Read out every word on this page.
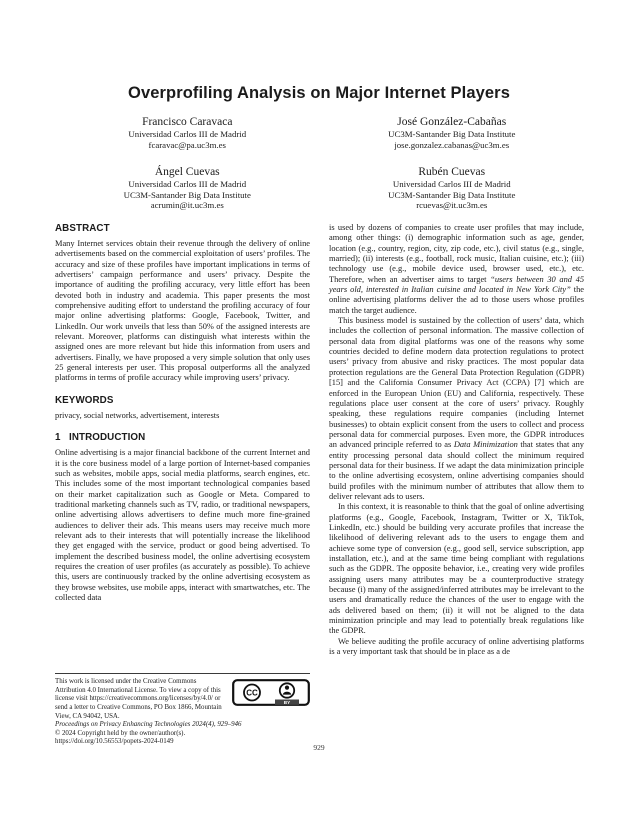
Overprofiling Analysis on Major Internet Players
Francisco Caravaca
Universidad Carlos III de Madrid
fcaravac@pa.uc3m.es
José González-Cabañas
UC3M-Santander Big Data Institute
jose.gonzalez.cabanas@uc3m.es
Ángel Cuevas
Universidad Carlos III de Madrid
UC3M-Santander Big Data Institute
acrumin@it.uc3m.es
Rubén Cuevas
Universidad Carlos III de Madrid
UC3M-Santander Big Data Institute
rcuevas@it.uc3m.es
ABSTRACT

Many Internet services obtain their revenue through the delivery of online advertisements based on the commercial exploitation of users’ profiles. The accuracy and size of these profiles have important implications in terms of advertisers’ campaign performance and users’ privacy. Despite the importance of auditing the profiling accuracy, very little effort has been devoted both in industry and academia. This paper presents the most comprehensive auditing effort to understand the profiling accuracy of four major online advertising platforms: Google, Facebook, Twitter, and LinkedIn. Our work unveils that less than 50% of the assigned interests are relevant. Moreover, platforms can distinguish what interests within the assigned ones are more relevant but hide this information from users and advertisers. Finally, we have proposed a very simple solution that only uses 25 general interests per user. This proposal outperforms all the analyzed platforms in terms of profile accuracy while improving users’ privacy.

KEYWORDS

privacy, social networks, advertisement, interests

1 INTRODUCTION

Online advertising is a major financial backbone of the current Internet and it is the core business model of a large portion of Internet-based companies such as websites, mobile apps, social media platforms, search engines, etc. This includes some of the most important technological companies based on their market capitalization such as Google or Meta. Compared to traditional marketing channels such as TV, radio, or traditional newspapers, online advertising allows advertisers to define much more fine-grained audiences to deliver their ads. This means users may receive much more relevant ads to their interests that will potentially increase the likelihood they get engaged with the service, product or good being advertised. To implement the described business model, the online advertising ecosystem requires the creation of user profiles (as accurately as possible). To achieve this, users are continuously tracked by the online advertising ecosystem as they browse websites, use mobile apps, interact with smartwatches, etc. The collected data

CC
BY
This work is licensed under the Creative Commons Attribution 4.0 International License. To view a copy of this license visit https://creativecommons.org/licenses/by/4.0/ or send a letter to Creative Commons, PO Box 1866, Mountain View, CA 94042, USA.
Proceedings on Privacy Enhancing Technologies 2024(4), 929–946
© 2024 Copyright held by the owner/author(s).
https://doi.org/10.56553/popets-2024-0149

is used by dozens of companies to create user profiles that may include, among other things: (i) demographic information such as age, gender, location (e.g., country, region, city, zip code, etc.), civil status (e.g., single, married); (ii) interests (e.g., football, rock music, Italian cuisine, etc.); (iii) technology use (e.g., mobile device used, browser used, etc.), etc. Therefore, when an advertiser aims to target “users between 30 and 45 years old, interested in Italian cuisine and located in New York City” the online advertising platforms deliver the ad to those users whose profiles match the target audience.

This business model is sustained by the collection of users’ data, which includes the collection of personal information. The massive collection of personal data from digital platforms was one of the reasons why some countries decided to define modern data protection regulations to protect users’ privacy from abusive and risky practices. The most popular data protection regulations are the General Data Protection Regulation (GDPR) [15] and the California Consumer Privacy Act (CCPA) [7] which are enforced in the European Union (EU) and California, respectively. These regulations place user consent at the core of users’ privacy. Roughly speaking, these regulations require companies (including Internet businesses) to obtain explicit consent from the users to collect and process personal data for commercial purposes. Even more, the GDPR introduces an advanced principle referred to as Data Minimization that states that any entity processing personal data should collect the minimum required personal data for their business. If we adapt the data minimization principle to the online advertising ecosystem, online advertising companies should build profiles with the minimum number of attributes that allow them to deliver relevant ads to users.

In this context, it is reasonable to think that the goal of online advertising platforms (e.g., Google, Facebook, Instagram, Twitter or X, TikTok, LinkedIn, etc.) should be building very accurate profiles that increase the likelihood of delivering relevant ads to the users to engage them and achieve some type of conversion (e.g., good sell, service subscription, app installation, etc.), and at the same time being compliant with regulations such as the GDPR. The opposite behavior, i.e., creating very wide profiles assigning users many attributes may be a counterproductive strategy because (i) many of the assigned/inferred attributes may be irrelevant to the users and dramatically reduce the chances of the user to engage with the ads delivered based on them; (ii) it will not be aligned to the data minimization principle and may lead to potentially break regulations like the GDPR.

We believe auditing the profile accuracy of online advertising platforms is a very important task that should be in place as a de

929
